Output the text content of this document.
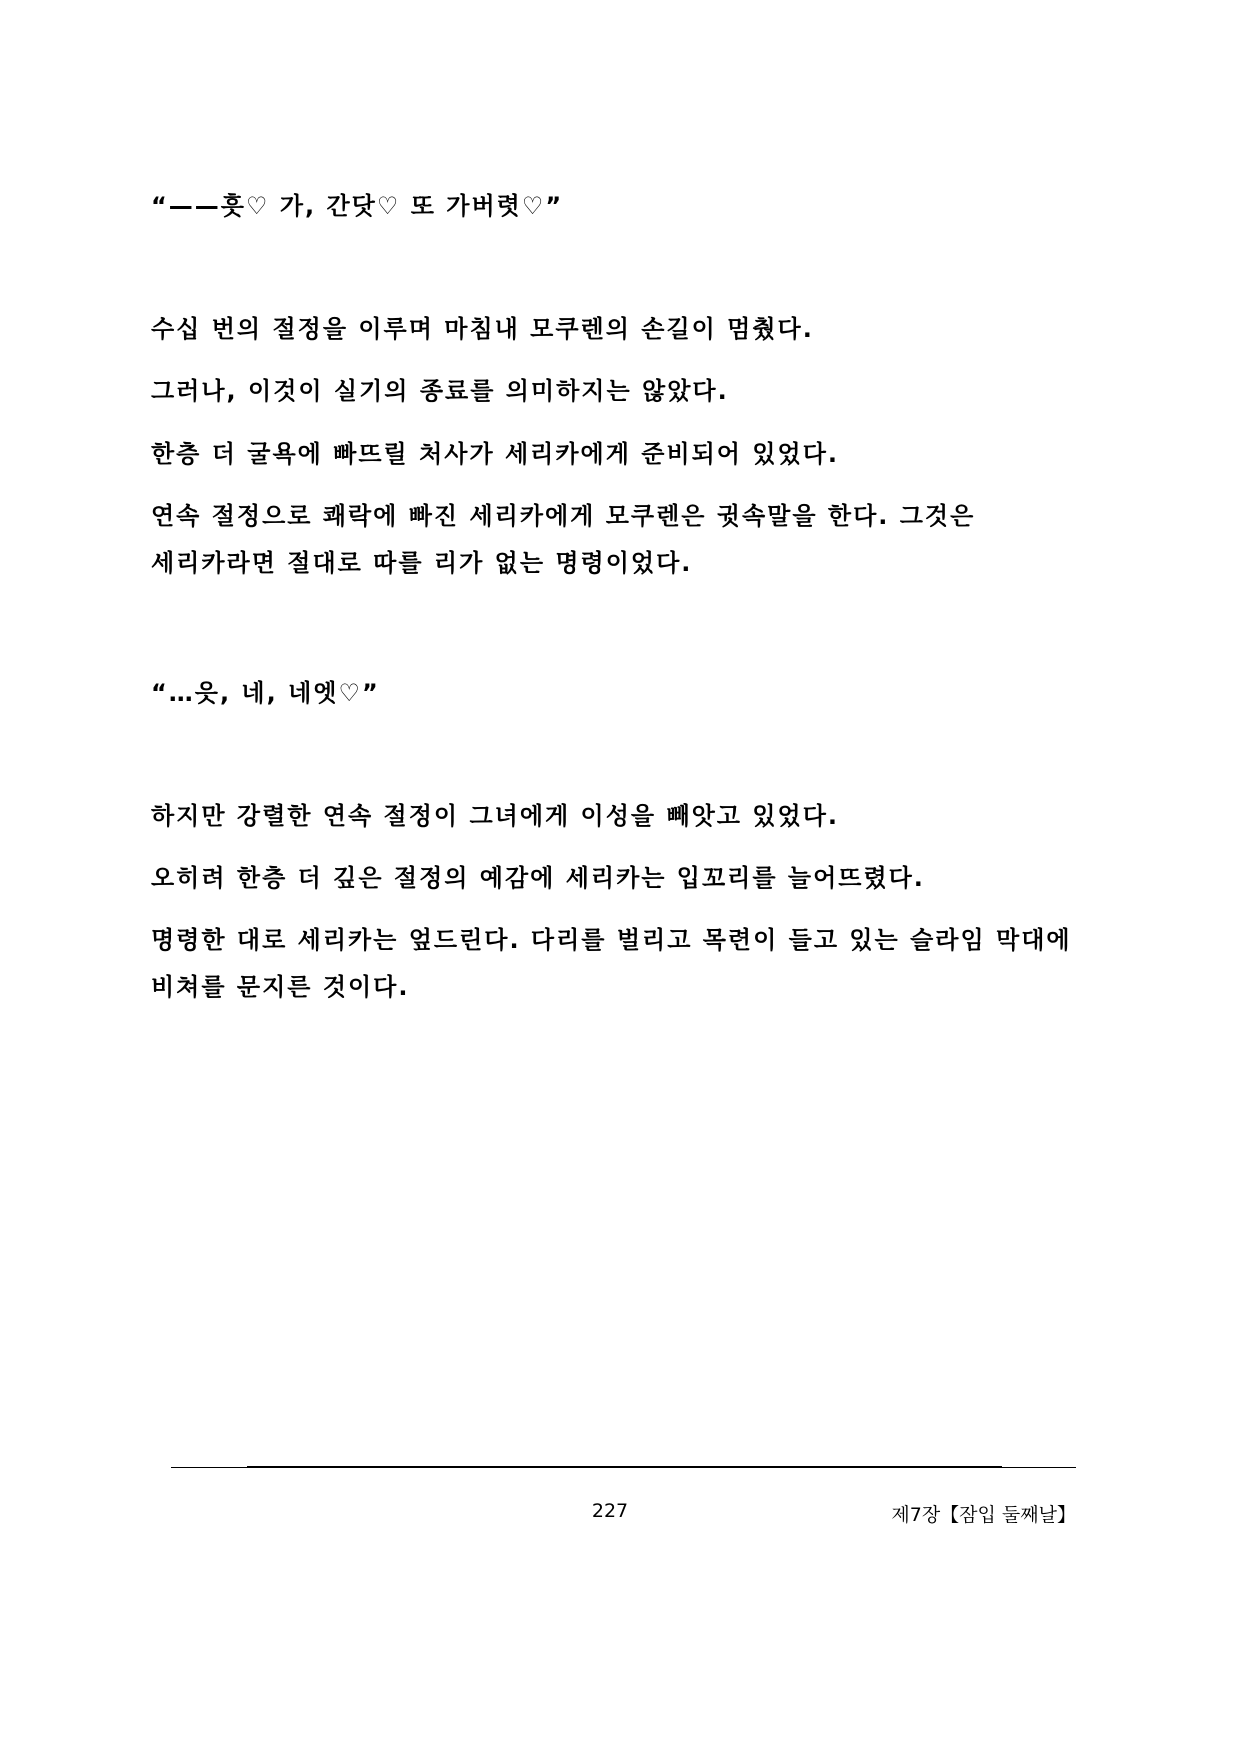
“——흣♡ 가, 간닷♡ 또 가버렷♡”
수십 번의 절정을 이루며 마침내 모쿠렌의 손길이 멈췄다.
그러나, 이것이 실기의 종료를 의미하지는 않았다.
한층 더 굴욕에 빠뜨릴 처사가 세리카에게 준비되어 있었다.
연속 절정으로 쾌락에 빠진 세리카에게 모쿠렌은 귓속말을 한다. 그것은
세리카라면 절대로 따를 리가 없는 명령이었다.
“…읏, 네, 네엣♡”
하지만 강렬한 연속 절정이 그녀에게 이성을 빼앗고 있었다.
오히려 한층 더 깊은 절정의 예감에 세리카는 입꼬리를 늘어뜨렸다.
명령한 대로 세리카는 엎드린다. 다리를 벌리고 목련이 들고 있는 슬라임 막대에
비쳐를 문지른 것이다.
227	제7장【잠입 둘째날】
